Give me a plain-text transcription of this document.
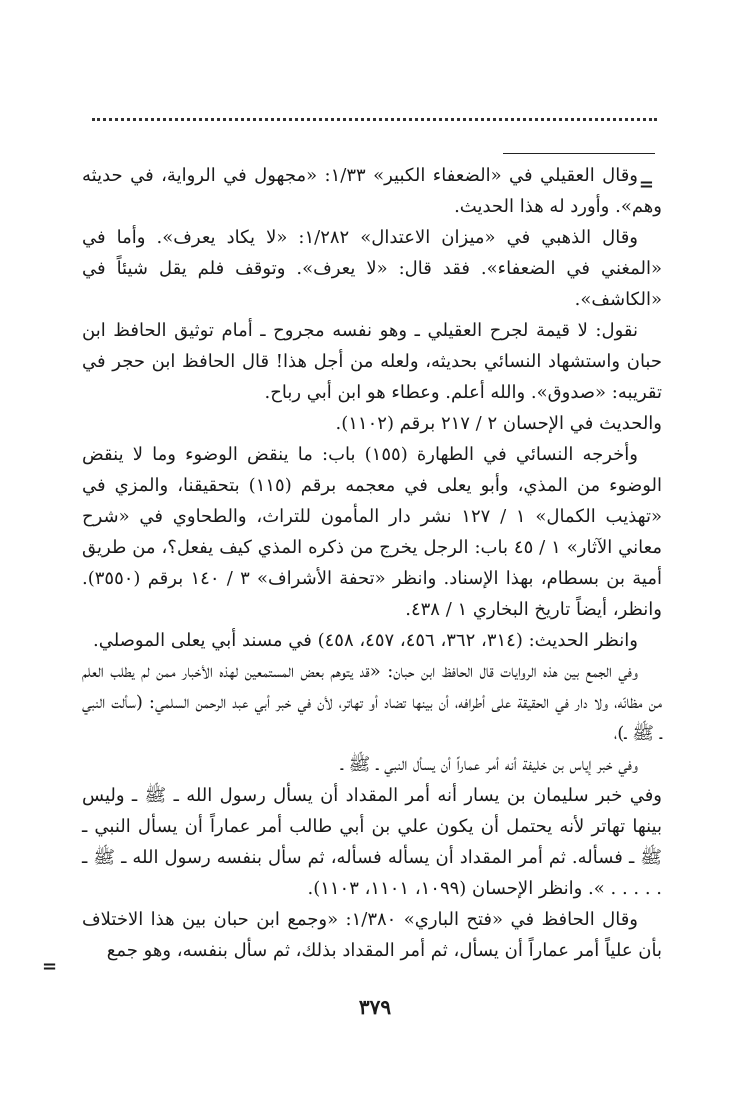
=
=

وقال العقيلي في «الضعفاء الكبير» ١/٣٣: «مجهول في الرواية، في حديثه وهم». وأورد له هذا الحديث.

وقال الذهبي في «ميزان الاعتدال» ١/٢٨٢: «لا يكاد يعرف». وأما في «المغني في الضعفاء». فقد قال: «لا يعرف». وتوقف فلم يقل شيئاً في «الكاشف».

نقول: لا قيمة لجرح العقيلي ـ وهو نفسه مجروح ـ أمام توثيق الحافظ ابن حبان واستشهاد النسائي بحديثه، ولعله من أجل هذا! قال الحافظ ابن حجر في تقريبه: «صدوق». والله أعلم. وعطاء هو ابن أبي رباح.

والحديث في الإحسان ٢ / ٢١٧ برقم (١١٠٢).

وأخرجه النسائي في الطهارة (١٥٥) باب: ما ينقض الوضوء وما لا ينقض الوضوء من المذي، وأبو يعلى في معجمه برقم (١١٥) بتحقيقنا، والمزي في «تهذيب الكمال» ١ / ١٢٧ نشر دار المأمون للتراث، والطحاوي في «شرح معاني الآثار» ١ / ٤٥ باب: الرجل يخرج من ذكره المذي كيف يفعل؟، من طريق أمية بن بسطام، بهذا الإسناد. وانظر «تحفة الأشراف» ٣ / ١٤٠ برقم (٣٥٥٠). وانظر، أيضاً تاريخ البخاري ١ / ٤٣٨.

وانظر الحديث: (٣١٤، ٣٦٢، ٤٥٦، ٤٥٧، ٤٥٨) في مسند أبي يعلى الموصلي.

وفي الجمع بين هذه الروايات قال الحافظ ابن حبان: «قد يتوهم بعض المستمعين لهذه الأخبار ممن لم يطلب العلم من مظانّه، ولا دار في الحقيقة على أطرافه، أن بينها تضاد أو تهاتر، لأن في خبر أبي عبد الرحمن السلمي: (سألت النبي ـ ﷺ ـ)،

وفي خبر إياس بن خليفة أنه أمر عماراً أن يسأل النبي ـ ﷺ ـ

وفي خبر سليمان بن يسار أنه أمر المقداد أن يسأل رسول الله ـ ﷺ ـ وليس بينها تهاتر لأنه يحتمل أن يكون علي بن أبي طالب أمر عماراً أن يسأل النبي ـ ﷺ ـ فسأله. ثم أمر المقداد أن يسأله فسأله، ثم سأل بنفسه رسول الله ـ ﷺ ـ . . . . . ». وانظر الإحسان (١٠٩٩، ١١٠١، ١١٠٣).

وقال الحافظ في «فتح الباري» ١/٣٨٠: «وجمع ابن حبان بين هذا الاختلاف بأن علياً أمر عماراً أن يسأل، ثم أمر المقداد بذلك، ثم سأل بنفسه، وهو جمع

٣٧٩
